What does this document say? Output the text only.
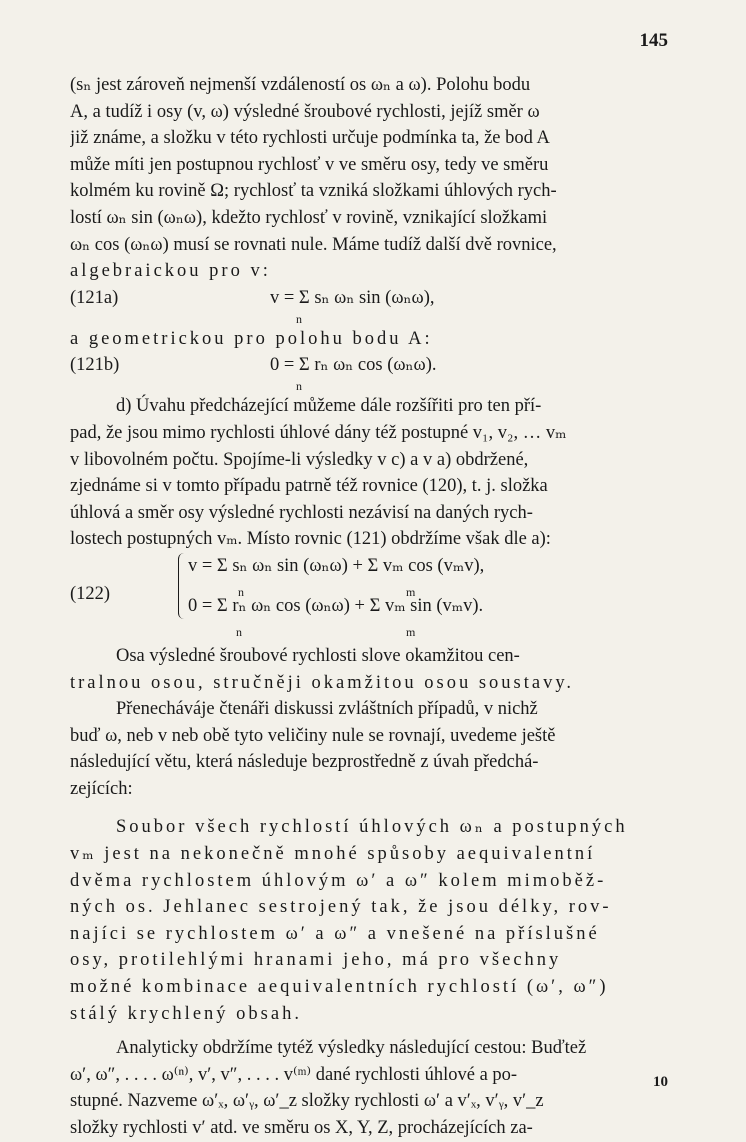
145
(sₙ jest zároveň nejmenší vzdáleností os ωₙ a ω). Polohu bodu
A, a tudíž i osy (v, ω) výsledné šroubové rychlosti, jejíž směr ω
již známe, a složku v této rychlosti určuje podmínka ta, že bod A
může míti jen postupnou rychlosť v ve směru osy, tedy ve směru
kolmém ku rovině Ω; rychlosť ta vzniká složkami úhlových rych-
lostí ωₙ sin (ωₙω), kdežto rychlosť v rovině, vznikající složkami
ωₙ cos (ωₙω) musí se rovnati nule. Máme tudíž další dvě rovnice,
algebraickou pro v:
(121a)	v = Σ sₙ ωₙ sin (ωₙω),
n
a geometrickou pro polohu bodu A:
(121b)	0 = Σ rₙ ωₙ cos (ωₙω).
n
d) Úvahu předcházející můžeme dále rozšířiti pro ten pří-
pad, že jsou mimo rychlosti úhlové dány též postupné v₁, v₂, … vₘ
v libovolném počtu. Spojíme-li výsledky v c) a v a) obdržené,
zjednáme si v tomto případu patrně též rovnice (120), t. j. složka
úhlová a směr osy výsledné rychlosti nezávisí na daných rych-
lostech postupných vₘ. Místo rovnic (121) obdržíme však dle a):
(122)
v = Σ sₙ ωₙ sin (ωₙω) + Σ vₘ cos (vₘv),
n	m
0 = Σ rₙ ωₙ cos (ωₙω) + Σ vₘ sin (vₘv).
n	m
Osa výsledné šroubové rychlosti slove okamžitou cen-
tralnou osou, stručněji okamžitou osou soustavy.
Přenecháváje čtenáři diskussi zvláštních případů, v nichž
buď ω, neb v neb obě tyto veličiny nule se rovnají, uvedeme ještě
následující větu, která následuje bezprostředně z úvah předchá-
zejících:
Soubor všech rychlostí úhlových ωₙ a postupných
vₘ jest na nekonečně mnohé spůsoby aequivalentní
dvěma rychlostem úhlovým ω′ a ω″ kolem mimoběž-
ných os. Jehlanec sestrojený tak, že jsou délky, rov-
najíci se rychlostem ω′ a ω″ a vnešené na příslušné
osy, protilehlými hranami jeho, má pro všechny
možné kombinace aequivalentních rychlostí (ω′, ω″)
stálý krychlený obsah.
Analyticky obdržíme tytéž výsledky následující cestou: Buďtež
ω′, ω″, . . . . ω⁽ⁿ⁾, v′, v″, . . . . v⁽ᵐ⁾ dané rychlosti úhlové a po-
stupné. Nazveme ω′ₓ, ω′ᵧ, ω′_z složky rychlosti ω′ a v′ₓ, v′ᵧ, v′_z
složky rychlosti v′ atd. ve směru os X, Y, Z, procházejících za-
10
